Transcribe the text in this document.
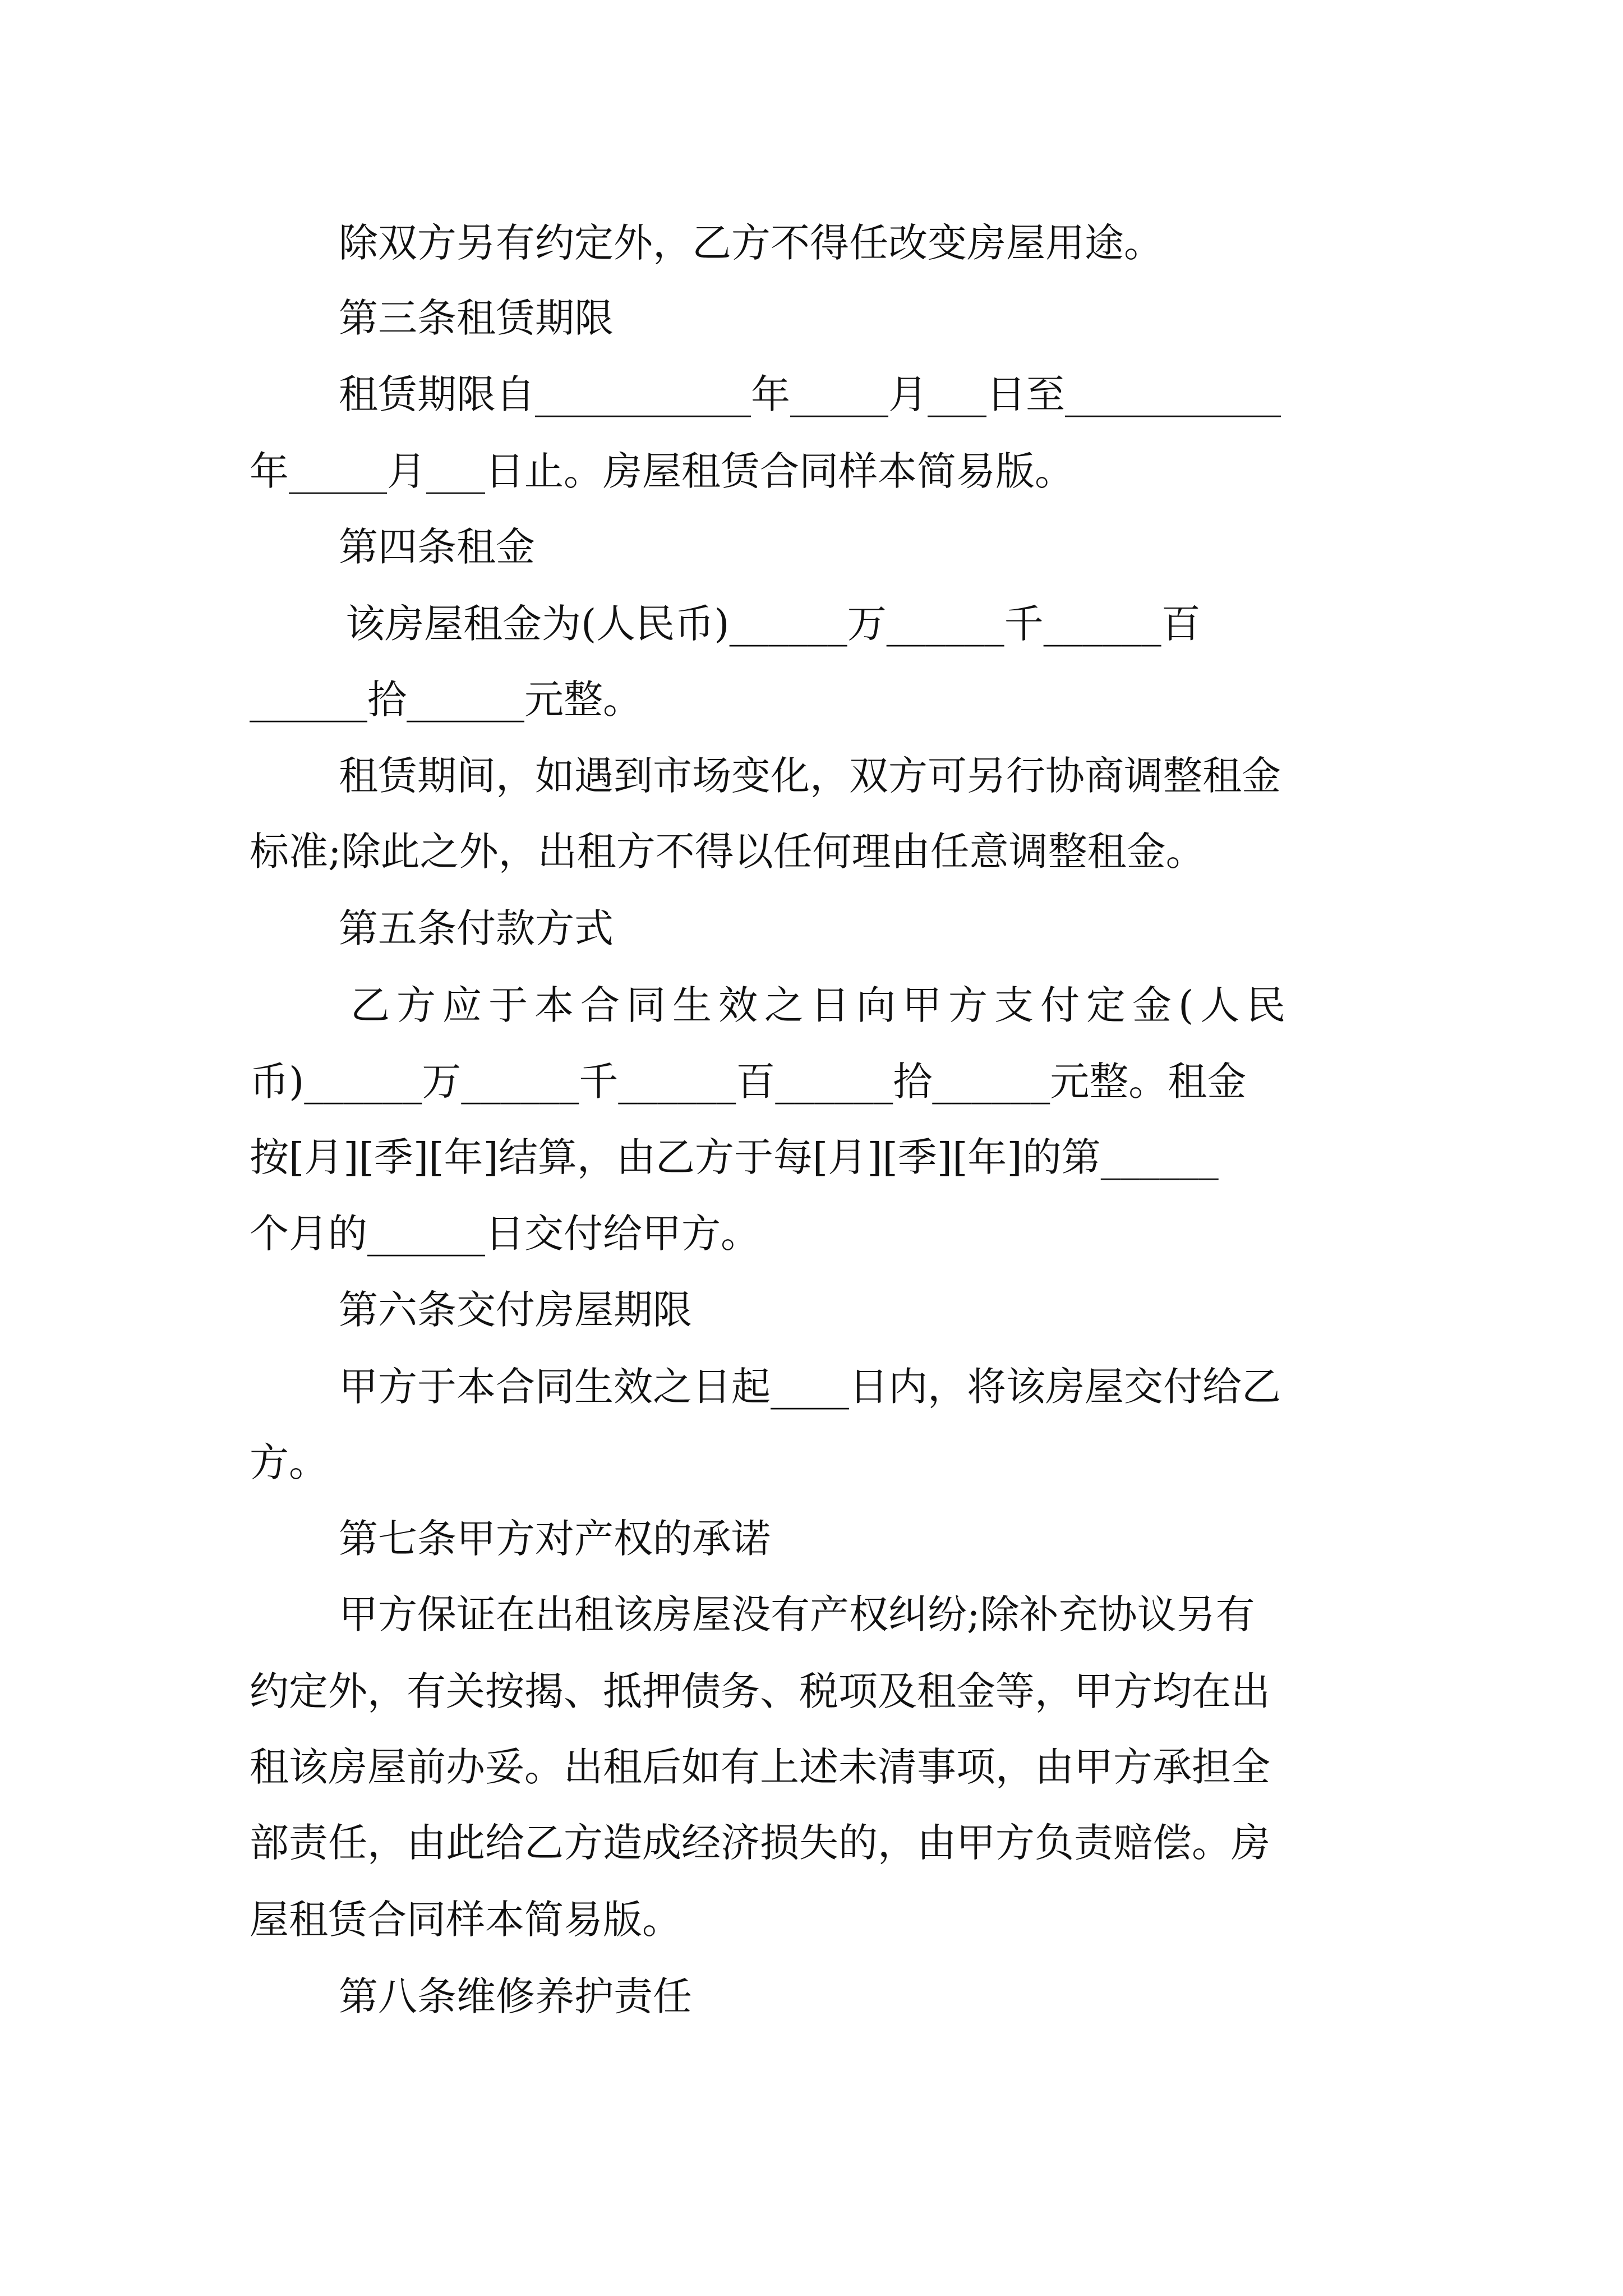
除双方另有约定外，乙方不得任改变房屋用途。
第三条租赁期限
租赁期限自___________年_____月___日至___________
年_____月___日止。房屋租赁合同样本简易版。
第四条租金
该房屋租金为(人民币)______万______千______百
______拾______元整。
租赁期间，如遇到市场变化，双方可另行协商调整租金
标准;除此之外，出租方不得以任何理由任意调整租金。
第五条付款方式
乙方应于本合同生效之日向甲方支付定金(人民
币)______万______千______百______拾______元整。租金
按[月][季][年]结算，由乙方于每[月][季][年]的第______
个月的______日交付给甲方。
第六条交付房屋期限
甲方于本合同生效之日起____日内，将该房屋交付给乙
方。
第七条甲方对产权的承诺
甲方保证在出租该房屋没有产权纠纷;除补充协议另有
约定外，有关按揭、抵押债务、税项及租金等，甲方均在出
租该房屋前办妥。出租后如有上述未清事项，由甲方承担全
部责任，由此给乙方造成经济损失的，由甲方负责赔偿。房
屋租赁合同样本简易版。
第八条维修养护责任
